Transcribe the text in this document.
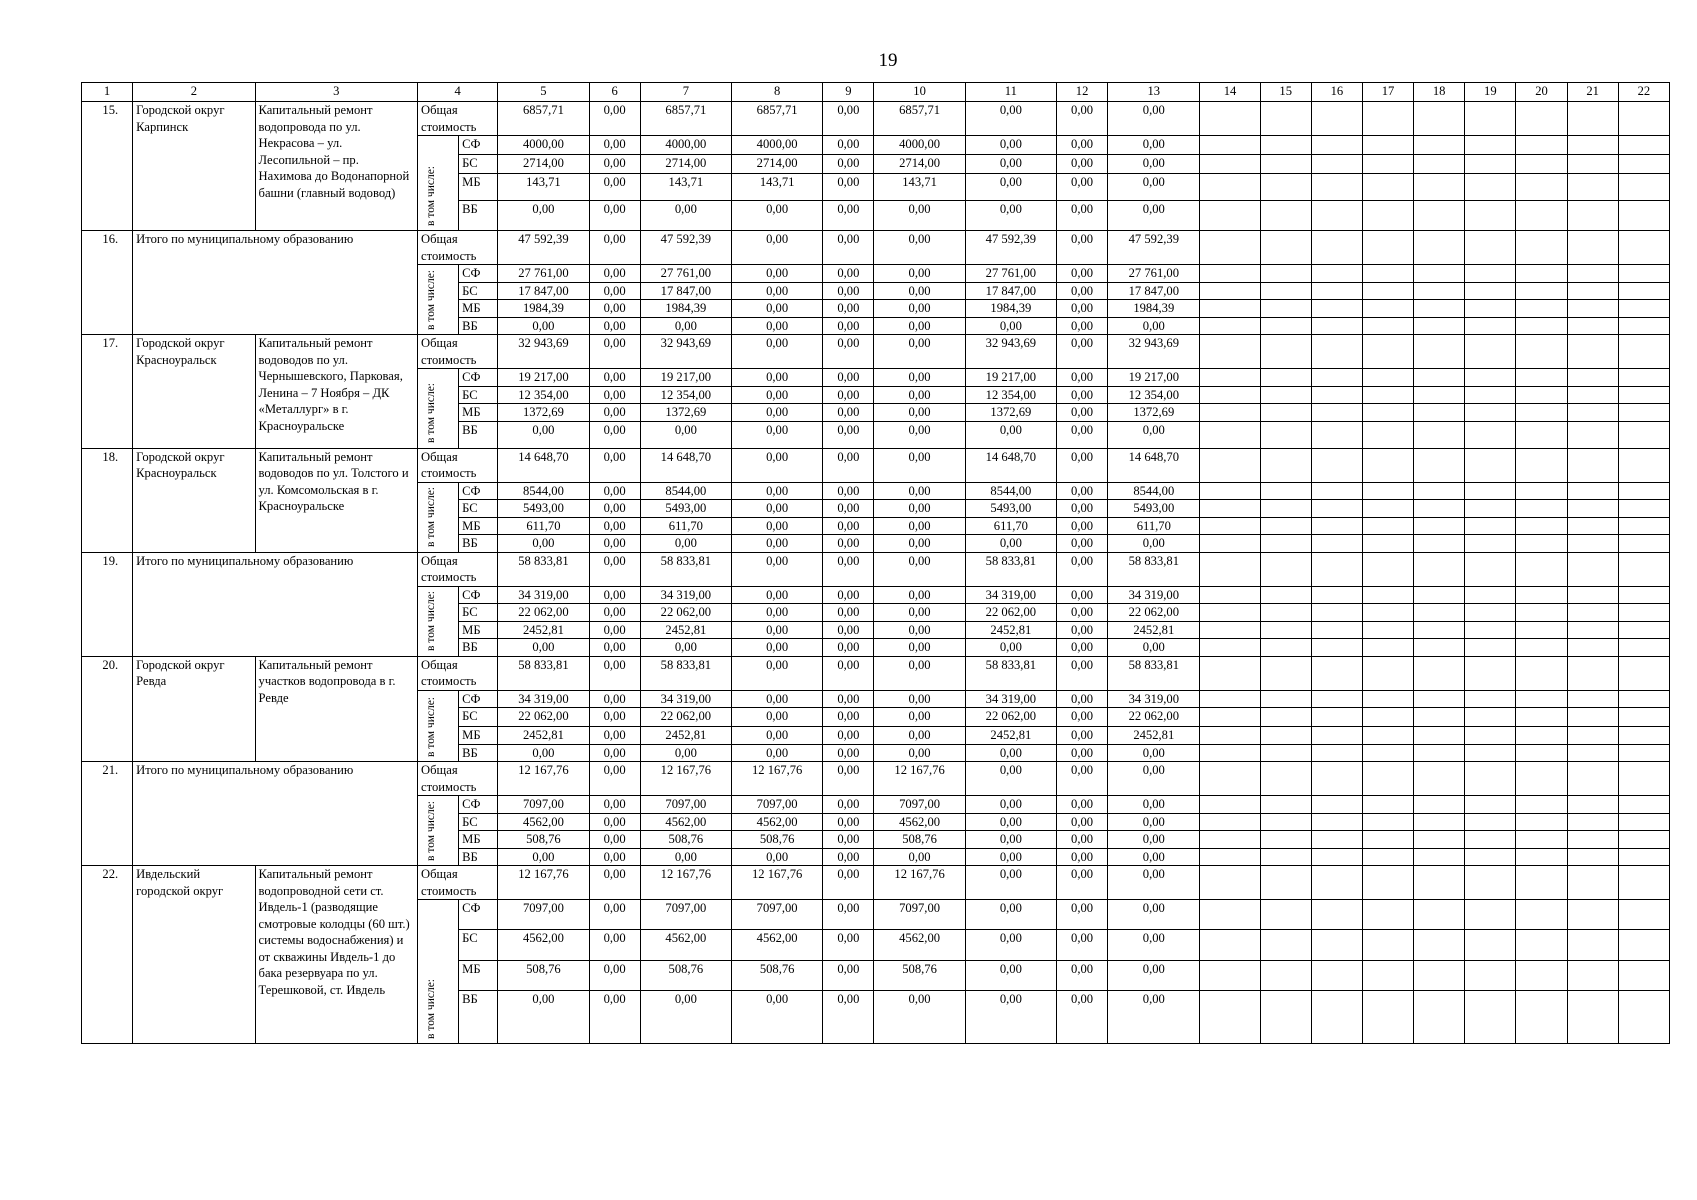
19
1	2	3	4		5	6	7	8	9	10	11	12	13	14	15	16	17	18	19	20	21	22
15.	Городской округ Карпинск	Капитальный ремонт водопровода по ул. Некрасова – ул. Лесопильной – пр. Нахимова до Водонапорной башни (главный водовод)	Общая стоимость		6857,71	0,00	6857,71	6857,71	0,00	6857,71	0,00	0,00	0,00									
			в том числе:	СФ	4000,00	0,00	4000,00	4000,00	0,00	4000,00	0,00	0,00	0,00									
				БС	2714,00	0,00	2714,00	2714,00	0,00	2714,00	0,00	0,00	0,00									
				МБ	143,71	0,00	143,71	143,71	0,00	143,71	0,00	0,00	0,00									
				ВБ	0,00	0,00	0,00	0,00	0,00	0,00	0,00	0,00	0,00									
16.	Итого по муниципальному образованию		Общая стоимость		47 592,39	0,00	47 592,39	0,00	0,00	0,00	47 592,39	0,00	47 592,39									
			в том числе:	СФ	27 761,00	0,00	27 761,00	0,00	0,00	0,00	27 761,00	0,00	27 761,00									
				БС	17 847,00	0,00	17 847,00	0,00	0,00	0,00	17 847,00	0,00	17 847,00									
				МБ	1984,39	0,00	1984,39	0,00	0,00	0,00	1984,39	0,00	1984,39									
				ВБ	0,00	0,00	0,00	0,00	0,00	0,00	0,00	0,00	0,00									
17.	Городской округ Красноуральск	Капитальный ремонт водоводов по ул. Чернышевского, Парковая, Ленина – 7 Ноября – ДК «Металлург» в г. Красноуральске	Общая стоимость		32 943,69	0,00	32 943,69	0,00	0,00	0,00	32 943,69	0,00	32 943,69									
			в том числе:	СФ	19 217,00	0,00	19 217,00	0,00	0,00	0,00	19 217,00	0,00	19 217,00									
				БС	12 354,00	0,00	12 354,00	0,00	0,00	0,00	12 354,00	0,00	12 354,00									
				МБ	1372,69	0,00	1372,69	0,00	0,00	0,00	1372,69	0,00	1372,69									
				ВБ	0,00	0,00	0,00	0,00	0,00	0,00	0,00	0,00	0,00									
18.	Городской округ Красноуральск	Капитальный ремонт водоводов по ул. Толстого и ул. Комсомольская в г. Красноуральске	Общая стоимость		14 648,70	0,00	14 648,70	0,00	0,00	0,00	14 648,70	0,00	14 648,70									
			в том числе:	СФ	8544,00	0,00	8544,00	0,00	0,00	0,00	8544,00	0,00	8544,00									
				БС	5493,00	0,00	5493,00	0,00	0,00	0,00	5493,00	0,00	5493,00									
				МБ	611,70	0,00	611,70	0,00	0,00	0,00	611,70	0,00	611,70									
				ВБ	0,00	0,00	0,00	0,00	0,00	0,00	0,00	0,00	0,00									
19.	Итого по муниципальному образованию		Общая стоимость		58 833,81	0,00	58 833,81	0,00	0,00	0,00	58 833,81	0,00	58 833,81									
			в том числе:	СФ	34 319,00	0,00	34 319,00	0,00	0,00	0,00	34 319,00	0,00	34 319,00									
				БС	22 062,00	0,00	22 062,00	0,00	0,00	0,00	22 062,00	0,00	22 062,00									
				МБ	2452,81	0,00	2452,81	0,00	0,00	0,00	2452,81	0,00	2452,81									
				ВБ	0,00	0,00	0,00	0,00	0,00	0,00	0,00	0,00	0,00									
20.	Городской округ Ревда	Капитальный ремонт участков водопровода в г. Ревде	Общая стоимость		58 833,81	0,00	58 833,81	0,00	0,00	0,00	58 833,81	0,00	58 833,81									
			в том числе:	СФ	34 319,00	0,00	34 319,00	0,00	0,00	0,00	34 319,00	0,00	34 319,00									
				БС	22 062,00	0,00	22 062,00	0,00	0,00	0,00	22 062,00	0,00	22 062,00									
				МБ	2452,81	0,00	2452,81	0,00	0,00	0,00	2452,81	0,00	2452,81									
				ВБ	0,00	0,00	0,00	0,00	0,00	0,00	0,00	0,00	0,00									
21.	Итого по муниципальному образованию		Общая стоимость		12 167,76	0,00	12 167,76	12 167,76	0,00	12 167,76	0,00	0,00	0,00									
			в том числе:	СФ	7097,00	0,00	7097,00	7097,00	0,00	7097,00	0,00	0,00	0,00									
				БС	4562,00	0,00	4562,00	4562,00	0,00	4562,00	0,00	0,00	0,00									
				МБ	508,76	0,00	508,76	508,76	0,00	508,76	0,00	0,00	0,00									
				ВБ	0,00	0,00	0,00	0,00	0,00	0,00	0,00	0,00	0,00									
22.	Ивдельский городской округ	Капитальный ремонт водопроводной сети ст. Ивдель-1 (разводящие смотровые колодцы (60 шт.) системы водоснабжения) и от скважины Ивдель-1 до бака резервуара по ул. Терешковой, ст. Ивдель	Общая стоимость		12 167,76	0,00	12 167,76	12 167,76	0,00	12 167,76	0,00	0,00	0,00									
			в том числе:	СФ	7097,00	0,00	7097,00	7097,00	0,00	7097,00	0,00	0,00	0,00									
				БС	4562,00	0,00	4562,00	4562,00	0,00	4562,00	0,00	0,00	0,00									
				МБ	508,76	0,00	508,76	508,76	0,00	508,76	0,00	0,00	0,00									
				ВБ	0,00	0,00	0,00	0,00	0,00	0,00	0,00	0,00	0,00									
